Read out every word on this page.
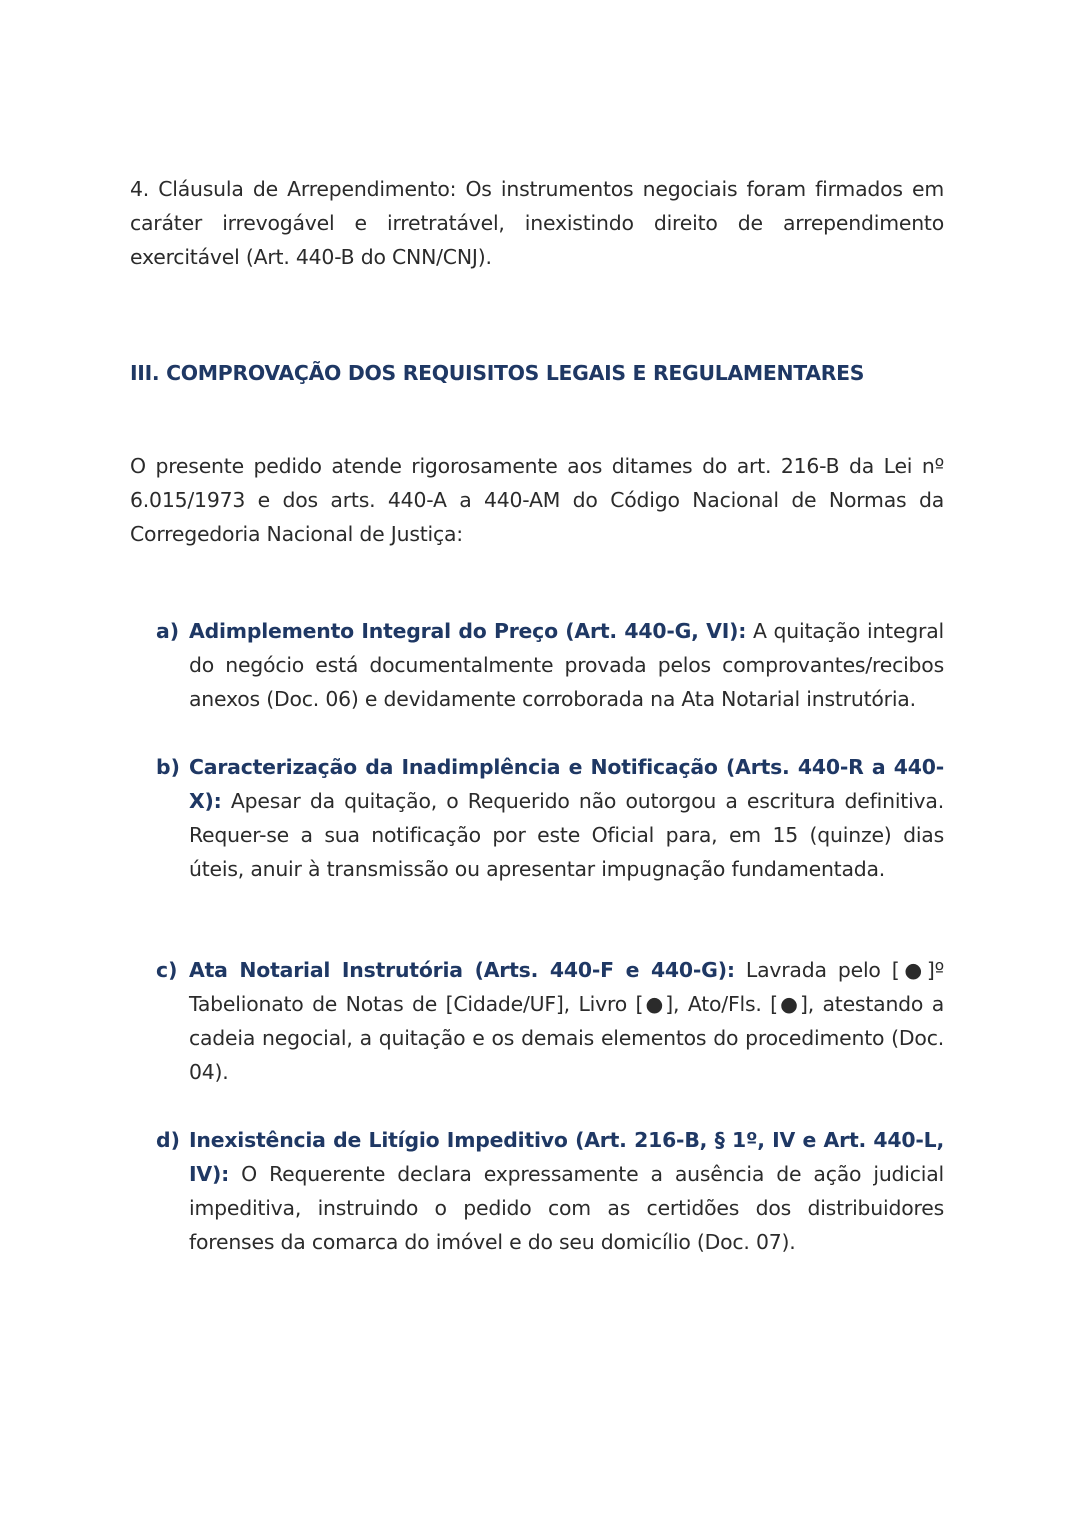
4. Cláusula de Arrependimento: Os instrumentos negociais foram firmados em caráter irrevogável e irretratável, inexistindo direito de arrependimento exercitável (Art. 440-B do CNN/CNJ).

III. COMPROVAÇÃO DOS REQUISITOS LEGAIS E REGULAMENTARES

O presente pedido atende rigorosamente aos ditames do art. 216-B da Lei nº 6.015/1973 e dos arts. 440-A a 440-AM do Código Nacional de Normas da Corregedoria Nacional de Justiça:

a) Adimplemento Integral do Preço (Art. 440-G, VI): A quitação integral do negócio está documentalmente provada pelos comprovantes/recibos anexos (Doc. 06) e devidamente corroborada na Ata Notarial instrutória.

b) Caracterização da Inadimplência e Notificação (Arts. 440-R a 440-X): Apesar da quitação, o Requerido não outorgou a escritura definitiva. Requer-se a sua notificação por este Oficial para, em 15 (quinze) dias úteis, anuir à transmissão ou apresentar impugnação fundamentada.

c) Ata Notarial Instrutória (Arts. 440-F e 440-G): Lavrada pelo [●]º Tabelionato de Notas de [Cidade/UF], Livro [●], Ato/Fls. [●], atestando a cadeia negocial, a quitação e os demais elementos do procedimento (Doc. 04).

d) Inexistência de Litígio Impeditivo (Art. 216-B, § 1º, IV e Art. 440-L, IV): O Requerente declara expressamente a ausência de ação judicial impeditiva, instruindo o pedido com as certidões dos distribuidores forenses da comarca do imóvel e do seu domicílio (Doc. 07).
